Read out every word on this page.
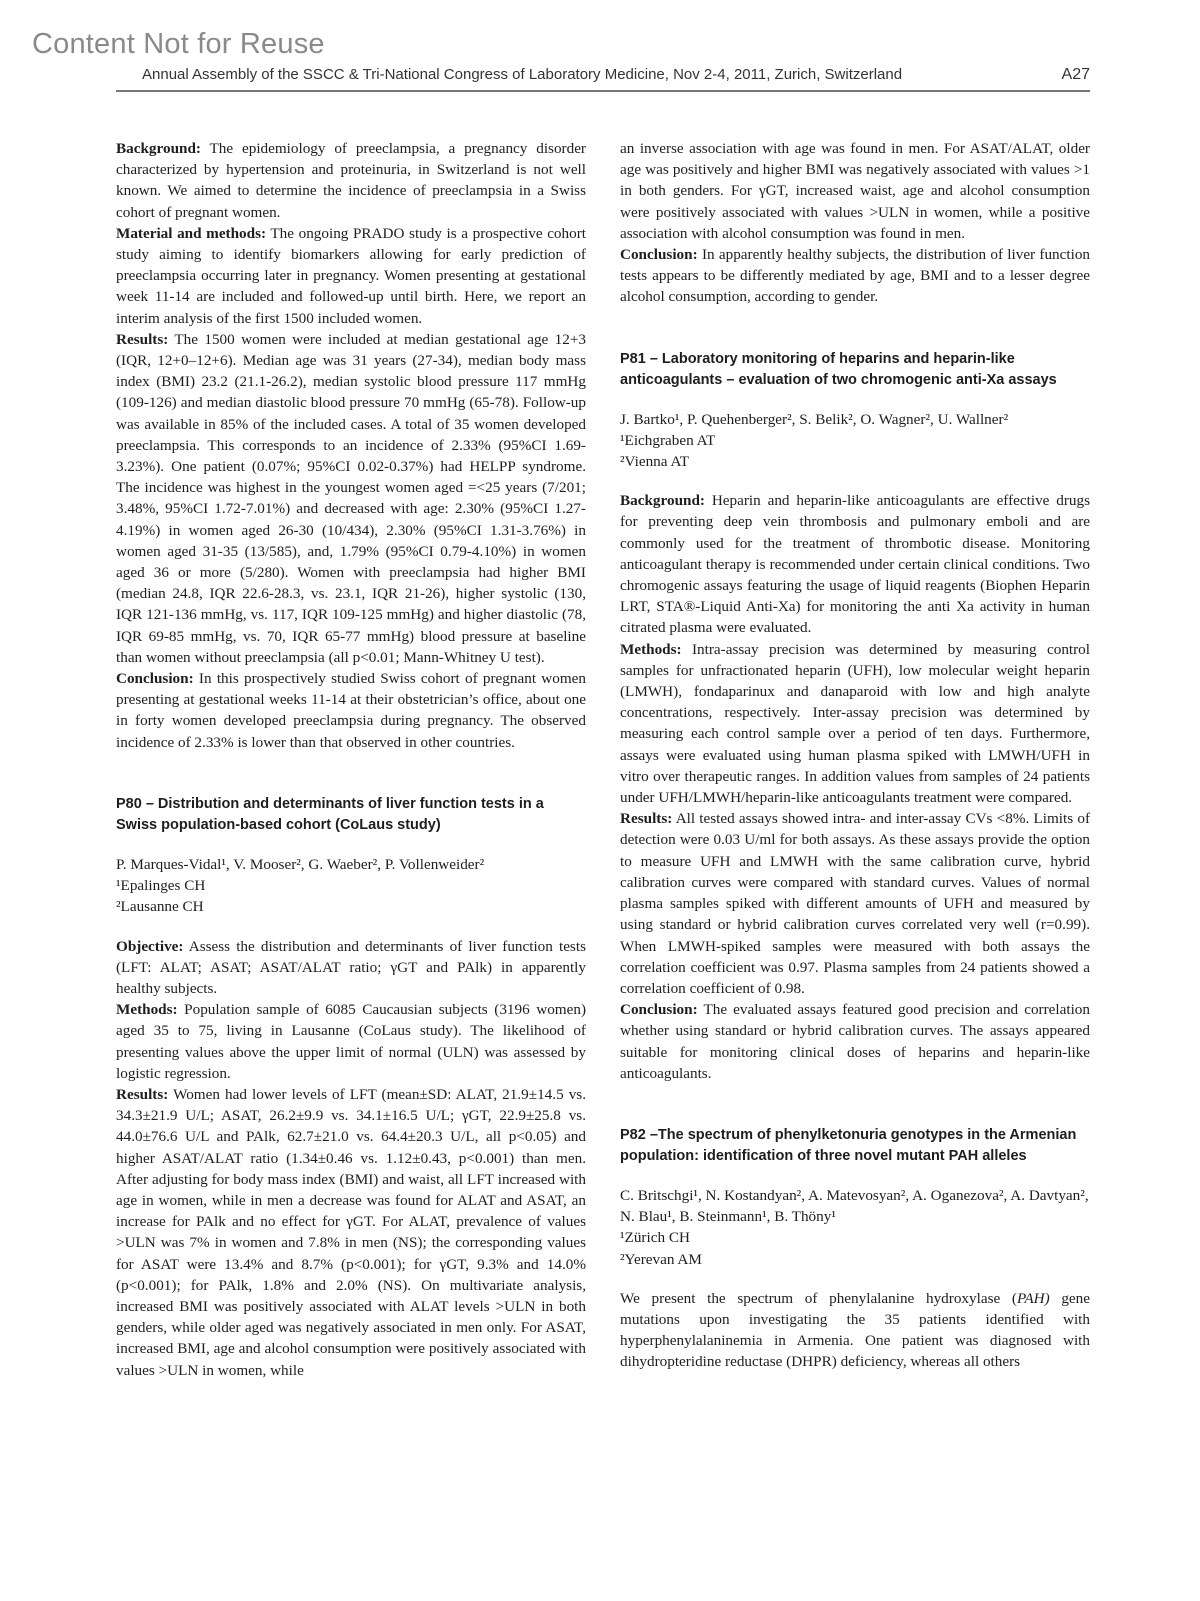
Content Not for Reuse
Annual Assembly of the SSCC & Tri-National Congress of Laboratory Medicine, Nov 2-4, 2011, Zurich, Switzerland	A27

Background: The epidemiology of preeclampsia, a pregnancy disorder characterized by hypertension and proteinuria, in Switzerland is not well known. We aimed to determine the incidence of preeclampsia in a Swiss cohort of pregnant women.

Material and methods: The ongoing PRADO study is a prospective cohort study aiming to identify biomarkers allowing for early prediction of preeclampsia occurring later in pregnancy. Women presenting at gestational week 11-14 are included and followed-up until birth. Here, we report an interim analysis of the first 1500 included women.

Results: The 1500 women were included at median gestational age 12+3 (IQR, 12+0–12+6). Median age was 31 years (27-34), median body mass index (BMI) 23.2 (21.1-26.2), median systolic blood pressure 117 mmHg (109-126) and median diastolic blood pressure 70 mmHg (65-78). Follow-up was available in 85% of the included cases. A total of 35 women developed preeclampsia. This corresponds to an incidence of 2.33% (95%CI 1.69-3.23%). One patient (0.07%; 95%CI 0.02-0.37%) had HELPP syndrome. The incidence was highest in the youngest women aged =<25 years (7/201; 3.48%, 95%CI 1.72-7.01%) and decreased with age: 2.30% (95%CI 1.27-4.19%) in women aged 26-30 (10/434), 2.30% (95%CI 1.31-3.76%) in women aged 31-35 (13/585), and, 1.79% (95%CI 0.79-4.10%) in women aged 36 or more (5/280). Women with preeclampsia had higher BMI (median 24.8, IQR 22.6-28.3, vs. 23.1, IQR 21-26), higher systolic (130, IQR 121-136 mmHg, vs. 117, IQR 109-125 mmHg) and higher diastolic (78, IQR 69-85 mmHg, vs. 70, IQR 65-77 mmHg) blood pressure at baseline than women without preeclampsia (all p<0.01; Mann-Whitney U test).

Conclusion: In this prospectively studied Swiss cohort of pregnant women presenting at gestational weeks 11-14 at their obstetrician’s office, about one in forty women developed preeclampsia during pregnancy. The observed incidence of 2.33% is lower than that observed in other countries.

P80 – Distribution and determinants of liver function tests in a Swiss population-based cohort (CoLaus study)

P. Marques-Vidal¹, V. Mooser², G. Waeber², P. Vollenweider²

¹Epalinges CH

²Lausanne CH

Objective: Assess the distribution and determinants of liver function tests (LFT: ALAT; ASAT; ASAT/ALAT ratio; γGT and PAlk) in apparently healthy subjects.

Methods: Population sample of 6085 Caucausian subjects (3196 women) aged 35 to 75, living in Lausanne (CoLaus study). The likelihood of presenting values above the upper limit of normal (ULN) was assessed by logistic regression.

Results: Women had lower levels of LFT (mean±SD: ALAT, 21.9±14.5 vs. 34.3±21.9 U/L; ASAT, 26.2±9.9 vs. 34.1±16.5 U/L; γGT, 22.9±25.8 vs. 44.0±76.6 U/L and PAlk, 62.7±21.0 vs. 64.4±20.3 U/L, all p<0.05) and higher ASAT/ALAT ratio (1.34±0.46 vs. 1.12±0.43, p<0.001) than men. After adjusting for body mass index (BMI) and waist, all LFT increased with age in women, while in men a decrease was found for ALAT and ASAT, an increase for PAlk and no effect for γGT. For ALAT, prevalence of values >ULN was 7% in women and 7.8% in men (NS); the corresponding values for ASAT were 13.4% and 8.7% (p<0.001); for γGT, 9.3% and 14.0% (p<0.001); for PAlk, 1.8% and 2.0% (NS). On multivariate analysis, increased BMI was positively associated with ALAT levels >ULN in both genders, while older aged was negatively associated in men only. For ASAT, increased BMI, age and alcohol consumption were positively associated with values >ULN in women, while

an inverse association with age was found in men. For ASAT/ALAT, older age was positively and higher BMI was negatively associated with values >1 in both genders. For γGT, increased waist, age and alcohol consumption were positively associated with values >ULN in women, while a positive association with alcohol consumption was found in men.

Conclusion: In apparently healthy subjects, the distribution of liver function tests appears to be differently mediated by age, BMI and to a lesser degree alcohol consumption, according to gender.

P81 – Laboratory monitoring of heparins and heparin-like anticoagulants – evaluation of two chromogenic anti-Xa assays

J. Bartko¹, P. Quehenberger², S. Belik², O. Wagner², U. Wallner²

¹Eichgraben AT

²Vienna AT

Background: Heparin and heparin-like anticoagulants are effective drugs for preventing deep vein thrombosis and pulmonary emboli and are commonly used for the treatment of thrombotic disease. Monitoring anticoagulant therapy is recommended under certain clinical conditions. Two chromogenic assays featuring the usage of liquid reagents (Biophen Heparin LRT, STA®-Liquid Anti-Xa) for monitoring the anti Xa activity in human citrated plasma were evaluated.

Methods: Intra-assay precision was determined by measuring control samples for unfractionated heparin (UFH), low molecular weight heparin (LMWH), fondaparinux and danaparoid with low and high analyte concentrations, respectively. Inter-assay precision was determined by measuring each control sample over a period of ten days. Furthermore, assays were evaluated using human plasma spiked with LMWH/UFH in vitro over therapeutic ranges. In addition values from samples of 24 patients under UFH/LMWH/heparin-like anticoagulants treatment were compared.

Results: All tested assays showed intra- and inter-assay CVs <8%. Limits of detection were 0.03 U/ml for both assays. As these assays provide the option to measure UFH and LMWH with the same calibration curve, hybrid calibration curves were compared with standard curves. Values of normal plasma samples spiked with different amounts of UFH and measured by using standard or hybrid calibration curves correlated very well (r=0.99). When LMWH-spiked samples were measured with both assays the correlation coefficient was 0.97. Plasma samples from 24 patients showed a correlation coefficient of 0.98.

Conclusion: The evaluated assays featured good precision and correlation whether using standard or hybrid calibration curves. The assays appeared suitable for monitoring clinical doses of heparins and heparin-like anticoagulants.

P82 –The spectrum of phenylketonuria genotypes in the Armenian population: identification of three novel mutant PAH alleles

C. Britschgi¹, N. Kostandyan², A. Matevosyan², A. Oganezova², A. Davtyan², N. Blau¹, B. Steinmann¹, B. Thöny¹

¹Zürich CH

²Yerevan AM

We present the spectrum of phenylalanine hydroxylase (PAH) gene mutations upon investigating the 35 patients identified with hyperphenylalaninemia in Armenia. One patient was diagnosed with dihydropteridine reductase (DHPR) deficiency, whereas all others
